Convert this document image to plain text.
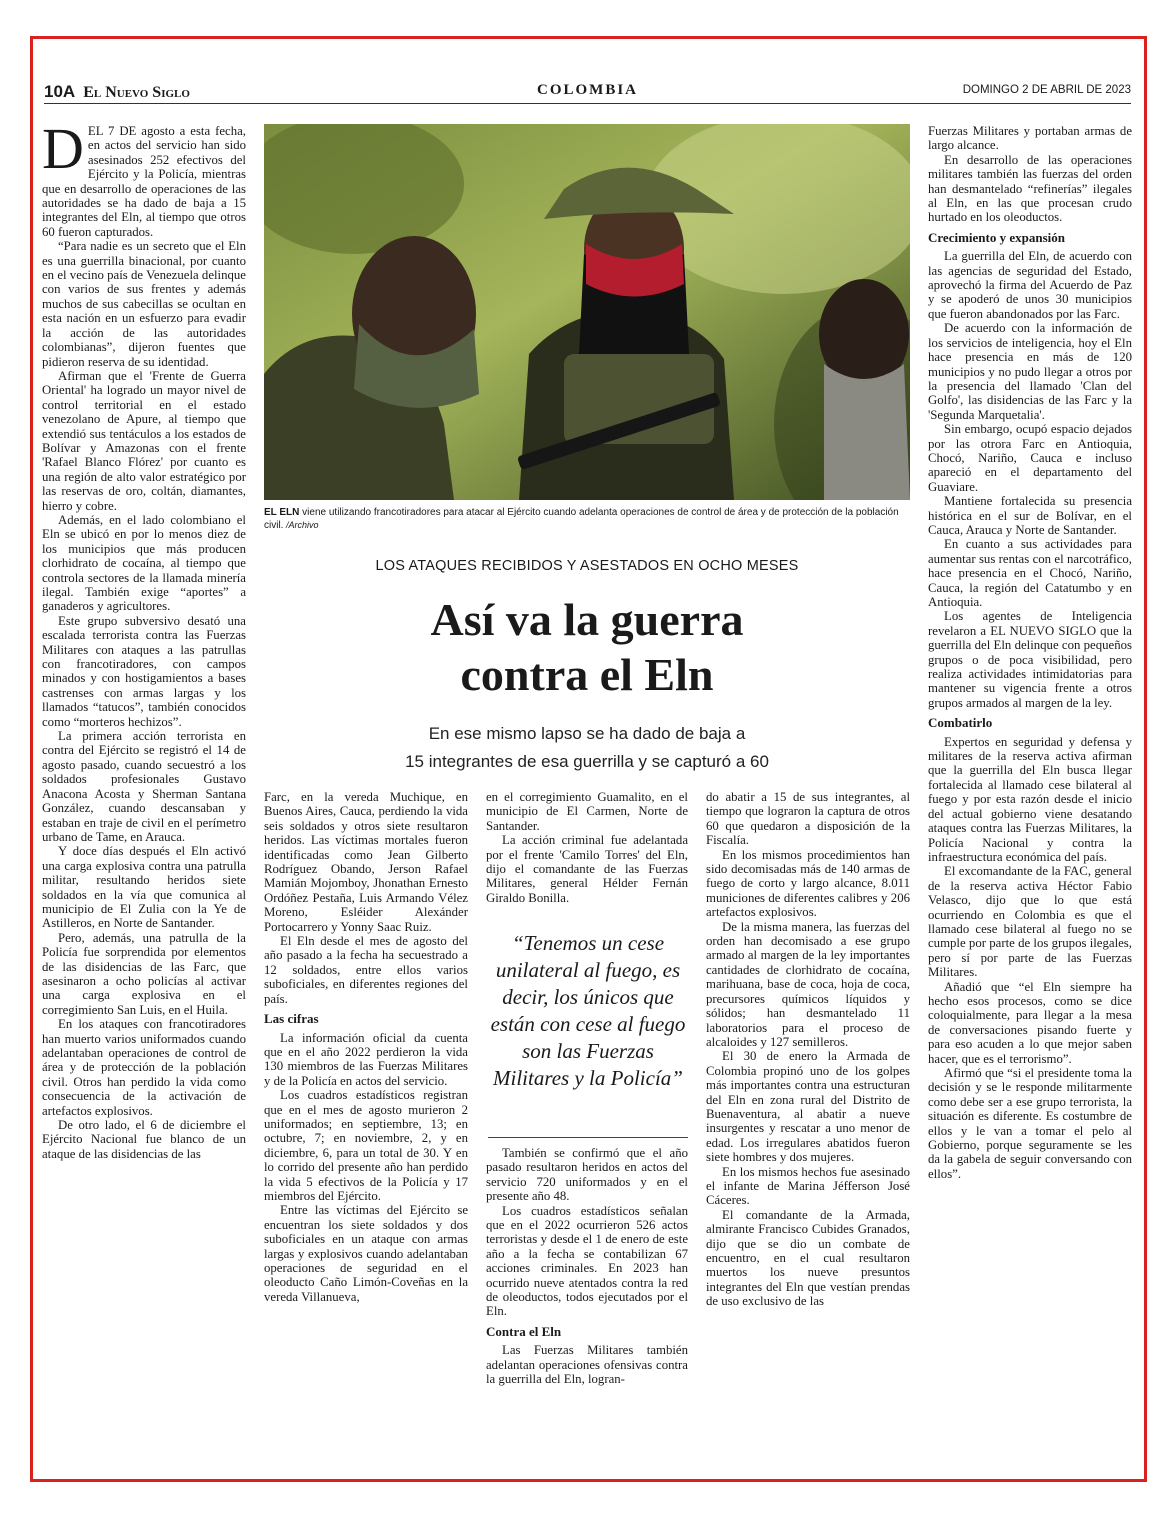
10A El Nuevo Siglo	COLOMBIA	DOMINGO 2 DE ABRIL DE 2023

DEL 7 DE agosto a esta fecha, en actos del servicio han sido asesinados 252 efectivos del Ejército y la Policía, mientras que en desarrollo de operaciones de las autoridades se ha dado de baja a 15 integrantes del Eln, al tiempo que otros 60 fueron capturados.

“Para nadie es un secreto que el Eln es una guerrilla binacional, por cuanto en el vecino país de Venezuela delinque con varios de sus frentes y además muchos de sus cabecillas se ocultan en esta nación en un esfuerzo para evadir la acción de las autoridades colombianas”, dijeron fuentes que pidieron reserva de su identidad.

Afirman que el 'Frente de Guerra Oriental' ha logrado un mayor nivel de control territorial en el estado venezolano de Apure, al tiempo que extendió sus tentáculos a los estados de Bolívar y Amazonas con el frente 'Rafael Blanco Flórez' por cuanto es una región de alto valor estratégico por las reservas de oro, coltán, diamantes, hierro y cobre.

Además, en el lado colombiano el Eln se ubicó en por lo menos diez de los municipios que más producen clorhidrato de cocaína, al tiempo que controla sectores de la llamada minería ilegal. También exige “aportes” a ganaderos y agricultores.

Este grupo subversivo desató una escalada terrorista contra las Fuerzas Militares con ataques a las patrullas con francotiradores, con campos minados y con hostigamientos a bases castrenses con armas largas y los llamados “tatucos”, también conocidos como “morteros hechizos”.

La primera acción terrorista en contra del Ejército se registró el 14 de agosto pasado, cuando secuestró a los soldados profesionales Gustavo Anacona Acosta y Sherman Santana González, cuando descansaban y estaban en traje de civil en el perímetro urbano de Tame, en Arauca.

Y doce días después el Eln activó una carga explosiva contra una patrulla militar, resultando heridos siete soldados en la vía que comunica al municipio de El Zulia con la Ye de Astilleros, en Norte de Santander.

Pero, además, una patrulla de la Policía fue sorprendida por elementos de las disidencias de las Farc, que asesinaron a ocho policías al activar una carga explosiva en el corregimiento San Luis, en el Huila.

En los ataques con francotiradores han muerto varios uniformados cuando adelantaban operaciones de control de área y de protección de la población civil. Otros han perdido la vida como consecuencia de la activación de artefactos explosivos.

De otro lado, el 6 de diciembre el Ejército Nacional fue blanco de un ataque de las disidencias de las

EL ELN viene utilizando francotiradores para atacar al Ejército cuando adelanta operaciones de control de área y de protección de la población civil. /Archivo
LOS ATAQUES RECIBIDOS Y ASESTADOS EN OCHO MESES
Así va la guerra
contra el Eln
En ese mismo lapso se ha dado de baja a
15 integrantes de esa guerrilla y se capturó a 60

Farc, en la vereda Muchique, en Buenos Aires, Cauca, perdiendo la vida seis soldados y otros siete resultaron heridos. Las víctimas mortales fueron identificadas como Jean Gilberto Rodríguez Obando, Jerson Rafael Mamián Mojomboy, Jhonathan Ernesto Ordóñez Pestaña, Luis Armando Vélez Moreno, Esléider Alexánder Portocarrero y Yonny Saac Ruiz.

El Eln desde el mes de agosto del año pasado a la fecha ha secuestrado a 12 soldados, entre ellos varios suboficiales, en diferentes regiones del país.

Las cifras

La información oficial da cuenta que en el año 2022 perdieron la vida 130 miembros de las Fuerzas Militares y de la Policía en actos del servicio.

Los cuadros estadísticos registran que en el mes de agosto murieron 2 uniformados; en septiembre, 13; en octubre, 7; en noviembre, 2, y en diciembre, 6, para un total de 30. Y en lo corrido del presente año han perdido la vida 5 efectivos de la Policía y 17 miembros del Ejército.

Entre las víctimas del Ejército se encuentran los siete soldados y dos suboficiales en un ataque con armas largas y explosivos cuando adelantaban operaciones de seguridad en el oleoducto Caño Limón-Coveñas en la vereda Villanueva,

en el corregimiento Guamalito, en el municipio de El Carmen, Norte de Santander.

La acción criminal fue adelantada por el frente 'Camilo Torres' del Eln, dijo el comandante de las Fuerzas Militares, general Hélder Fernán Giraldo Bonilla.

“Tenemos un cese unilateral al fuego, es decir, los únicos que están con cese al fuego son las Fuerzas Militares y la Policía”

También se confirmó que el año pasado resultaron heridos en actos del servicio 720 uniformados y en el presente año 48.

Los cuadros estadísticos señalan que en el 2022 ocurrieron 526 actos terroristas y desde el 1 de enero de este año a la fecha se contabilizan 67 acciones criminales. En 2023 han ocurrido nueve atentados contra la red de oleoductos, todos ejecutados por el Eln.

Contra el Eln

Las Fuerzas Militares también adelantan operaciones ofensivas contra la guerrilla del Eln, logran-

do abatir a 15 de sus integrantes, al tiempo que lograron la captura de otros 60 que quedaron a disposición de la Fiscalía.

En los mismos procedimientos han sido decomisadas más de 140 armas de fuego de corto y largo alcance, 8.011 municiones de diferentes calibres y 206 artefactos explosivos.

De la misma manera, las fuerzas del orden han decomisado a ese grupo armado al margen de la ley importantes cantidades de clorhidrato de cocaína, marihuana, base de coca, hoja de coca, precursores químicos líquidos y sólidos; han desmantelado 11 laboratorios para el proceso de alcaloides y 127 semilleros.

El 30 de enero la Armada de Colombia propinó uno de los golpes más importantes contra una estructuran del Eln en zona rural del Distrito de Buenaventura, al abatir a nueve insurgentes y rescatar a uno menor de edad. Los irregulares abatidos fueron siete hombres y dos mujeres.

En los mismos hechos fue asesinado el infante de Marina Jéfferson José Cáceres.

El comandante de la Armada, almirante Francisco Cubides Granados, dijo que se dio un combate de encuentro, en el cual resultaron muertos los nueve presuntos integrantes del Eln que vestían prendas de uso exclusivo de las

Fuerzas Militares y portaban armas de largo alcance.

En desarrollo de las operaciones militares también las fuerzas del orden han desmantelado “refinerías” ilegales al Eln, en las que procesan crudo hurtado en los oleoductos.

Crecimiento y expansión

La guerrilla del Eln, de acuerdo con las agencias de seguridad del Estado, aprovechó la firma del Acuerdo de Paz y se apoderó de unos 30 municipios que fueron abandonados por las Farc.

De acuerdo con la información de los servicios de inteligencia, hoy el Eln hace presencia en más de 120 municipios y no pudo llegar a otros por la presencia del llamado 'Clan del Golfo', las disidencias de las Farc y la 'Segunda Marquetalia'.

Sin embargo, ocupó espacio dejados por las otrora Farc en Antioquia, Chocó, Nariño, Cauca e incluso apareció en el departamento del Guaviare.

Mantiene fortalecida su presencia histórica en el sur de Bolívar, en el Cauca, Arauca y Norte de Santander.

En cuanto a sus actividades para aumentar sus rentas con el narcotráfico, hace presencia en el Chocó, Nariño, Cauca, la región del Catatumbo y en Antioquia.

Los agentes de Inteligencia revelaron a EL NUEVO SIGLO que la guerrilla del Eln delinque con pequeños grupos o de poca visibilidad, pero realiza actividades intimidatorias para mantener su vigencia frente a otros grupos armados al margen de la ley.

Combatirlo

Expertos en seguridad y defensa y militares de la reserva activa afirman que la guerrilla del Eln busca llegar fortalecida al llamado cese bilateral al fuego y por esta razón desde el inicio del actual gobierno viene desatando ataques contra las Fuerzas Militares, la Policía Nacional y contra la infraestructura económica del país.

El excomandante de la FAC, general de la reserva activa Héctor Fabio Velasco, dijo que lo que está ocurriendo en Colombia es que el llamado cese bilateral al fuego no se cumple por parte de los grupos ilegales, pero sí por parte de las Fuerzas Militares.

Añadió que “el Eln siempre ha hecho esos procesos, como se dice coloquialmente, para llegar a la mesa de conversaciones pisando fuerte y para eso acuden a lo que mejor saben hacer, que es el terrorismo”.

Afirmó que “si el presidente toma la decisión y se le responde militarmente como debe ser a ese grupo terrorista, la situación es diferente. Es costumbre de ellos y le van a tomar el pelo al Gobierno, porque seguramente se les da la gabela de seguir conversando con ellos”.
